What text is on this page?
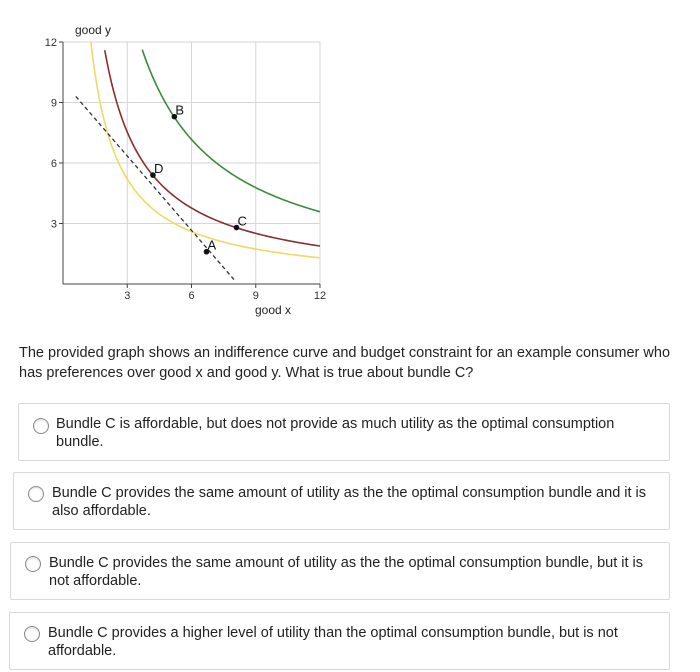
3	6	9	12
3
6
9
12
B
D
C
A
good y
good x
The provided graph shows an indifference curve and budget constraint for an example consumer who has preferences over good x and good y. What is true about bundle C?
Bundle C is affordable, but does not provide as much utility as the optimal consumption bundle.
Bundle C provides the same amount of utility as the the optimal consumption bundle and it is also affordable.
Bundle C provides the same amount of utility as the the optimal consumption bundle, but it is not affordable.
Bundle C provides a higher level of utility than the optimal consumption bundle, but is not affordable.
